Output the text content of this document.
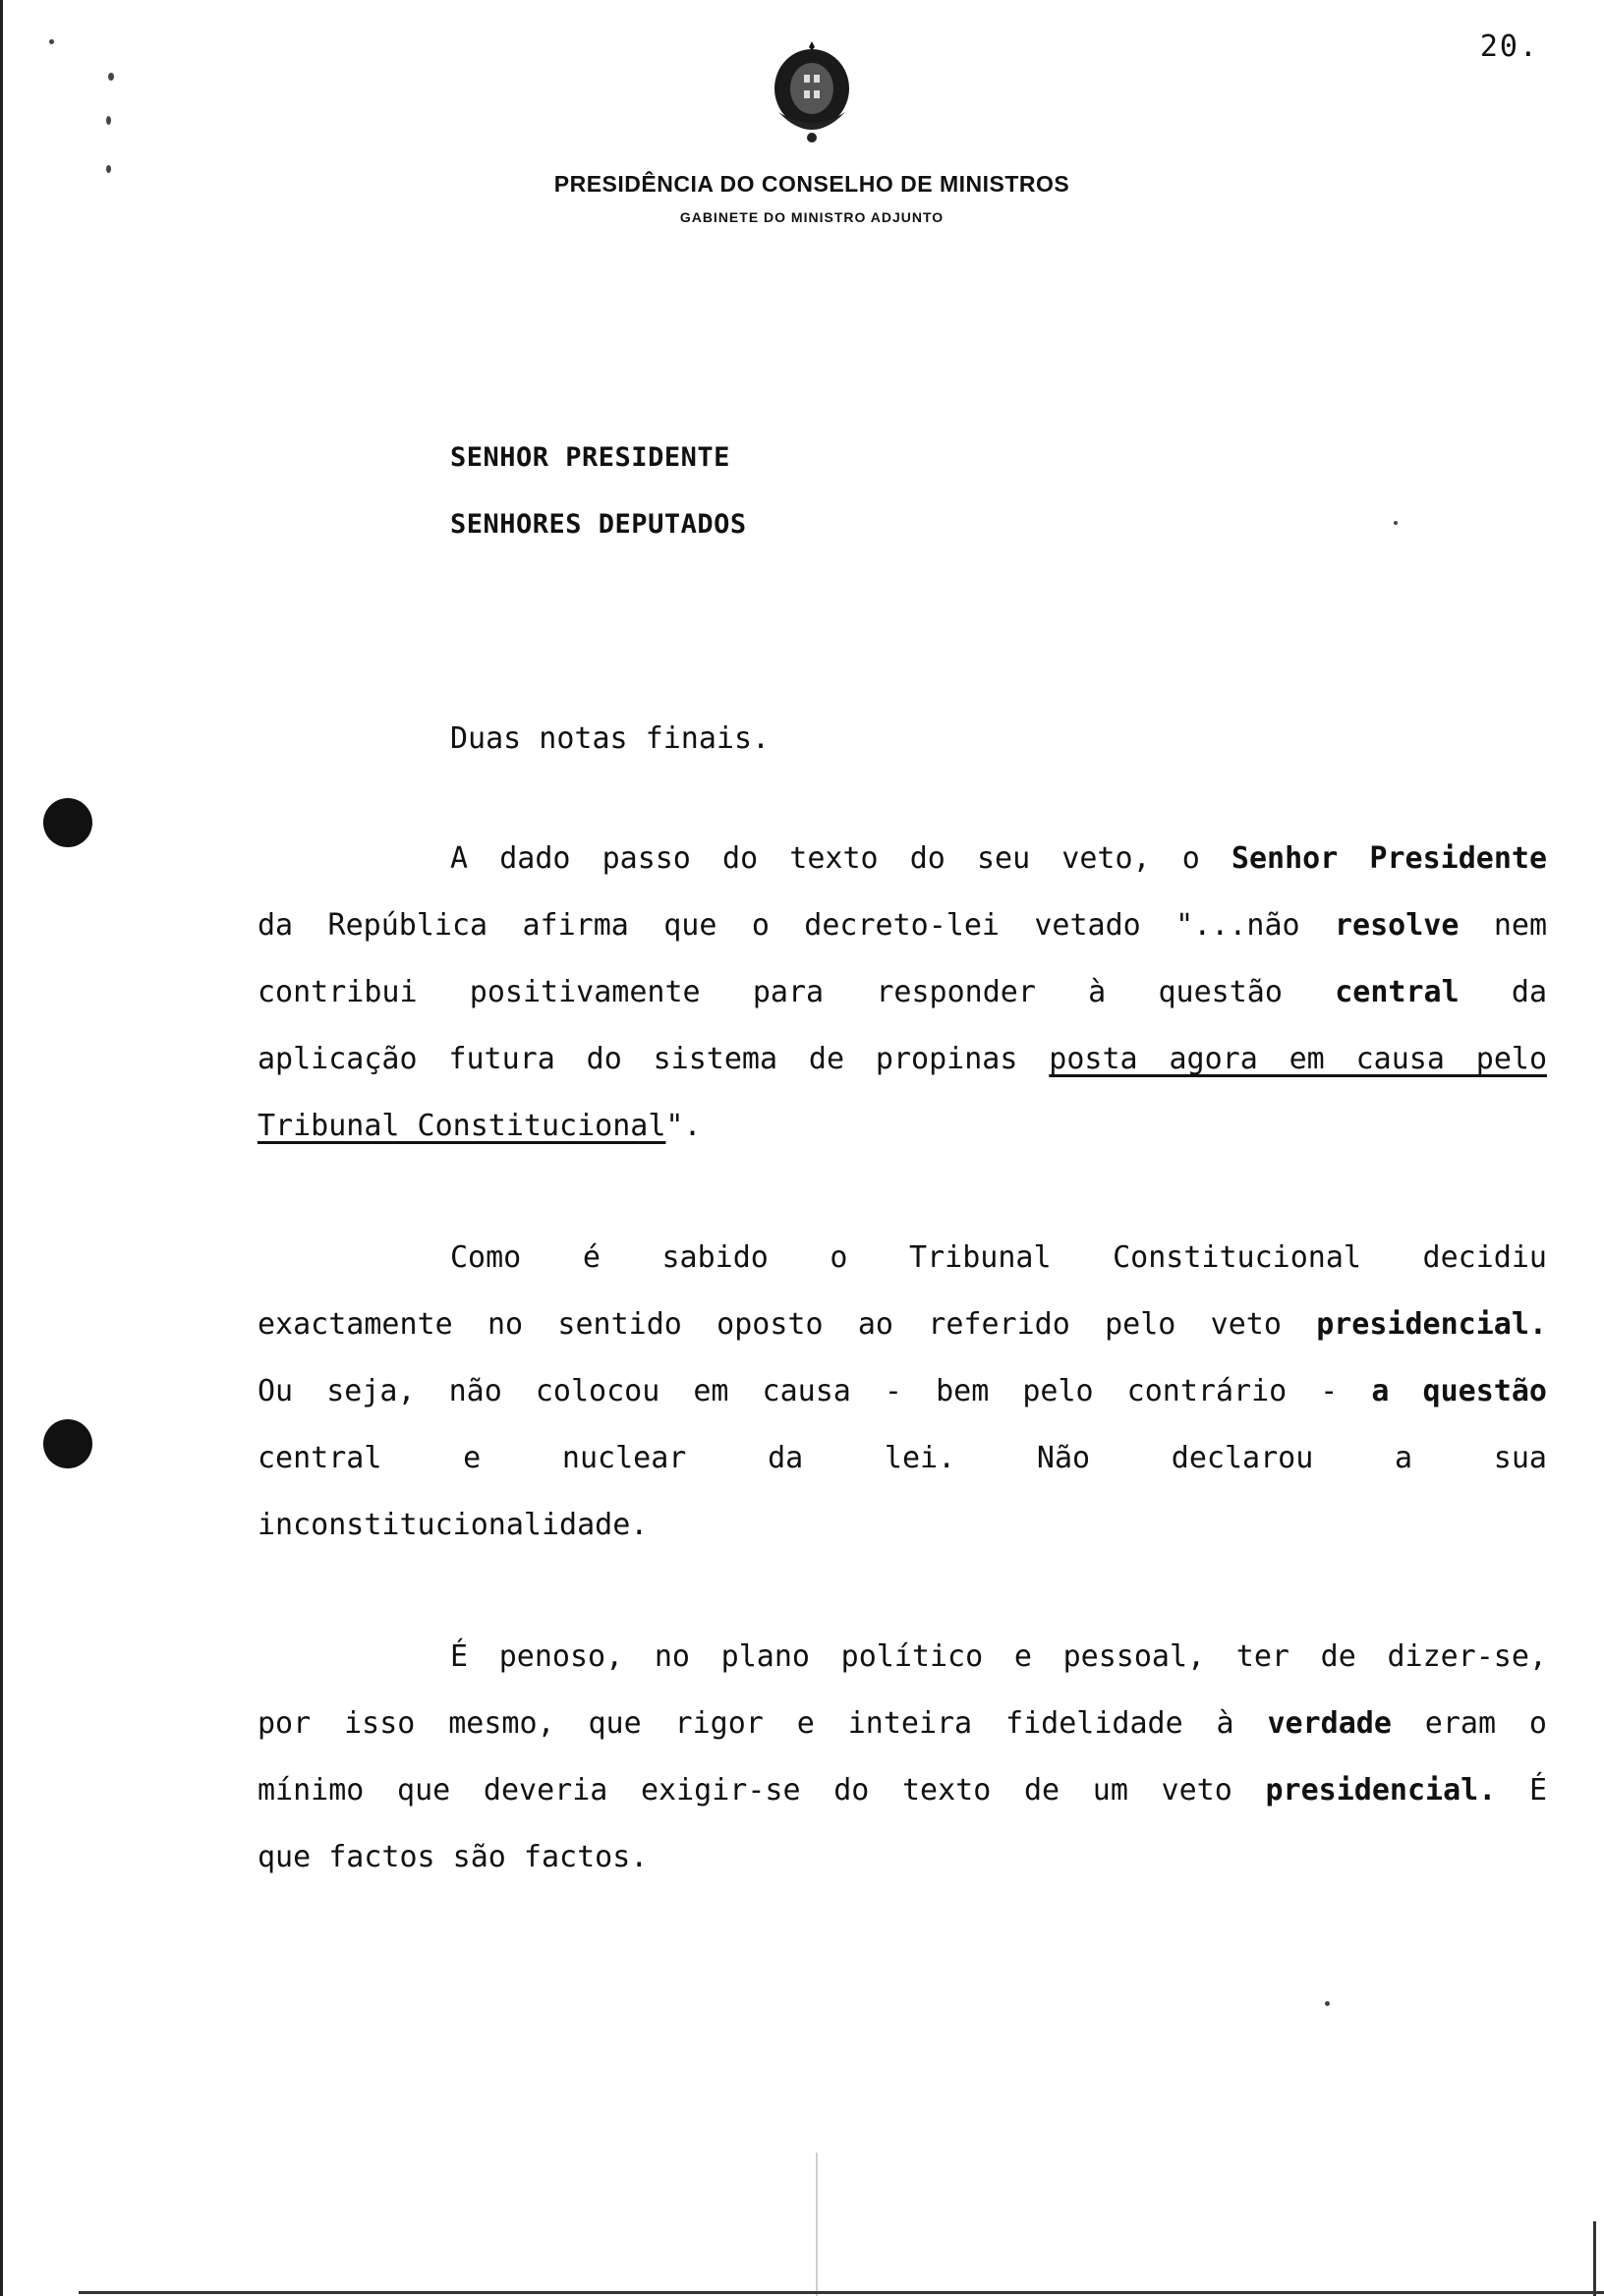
20.
PRESIDÊNCIA DO CONSELHO DE MINISTROS
GABINETE DO MINISTRO ADJUNTO
SENHOR PRESIDENTE
SENHORES DEPUTADOS

Duas notas finais.

A dado passo do texto do seu veto, o Senhor Presidente

da República afirma que o decreto-lei vetado "...não resolve nem

contribui positivamente para responder à questão central da

aplicação futura do sistema de propinas posta agora em causa pelo

Tribunal Constitucional".

Como é sabido o Tribunal Constitucional decidiu

exactamente no sentido oposto ao referido pelo veto presidencial.

Ou seja, não colocou em causa - bem pelo contrário - a questão

central e nuclear da lei. Não declarou a sua

inconstitucionalidade.

É penoso, no plano político e pessoal, ter de dizer-se,

por isso mesmo, que rigor e inteira fidelidade à verdade eram o

mínimo que deveria exigir-se do texto de um veto presidencial. É

que factos são factos.
